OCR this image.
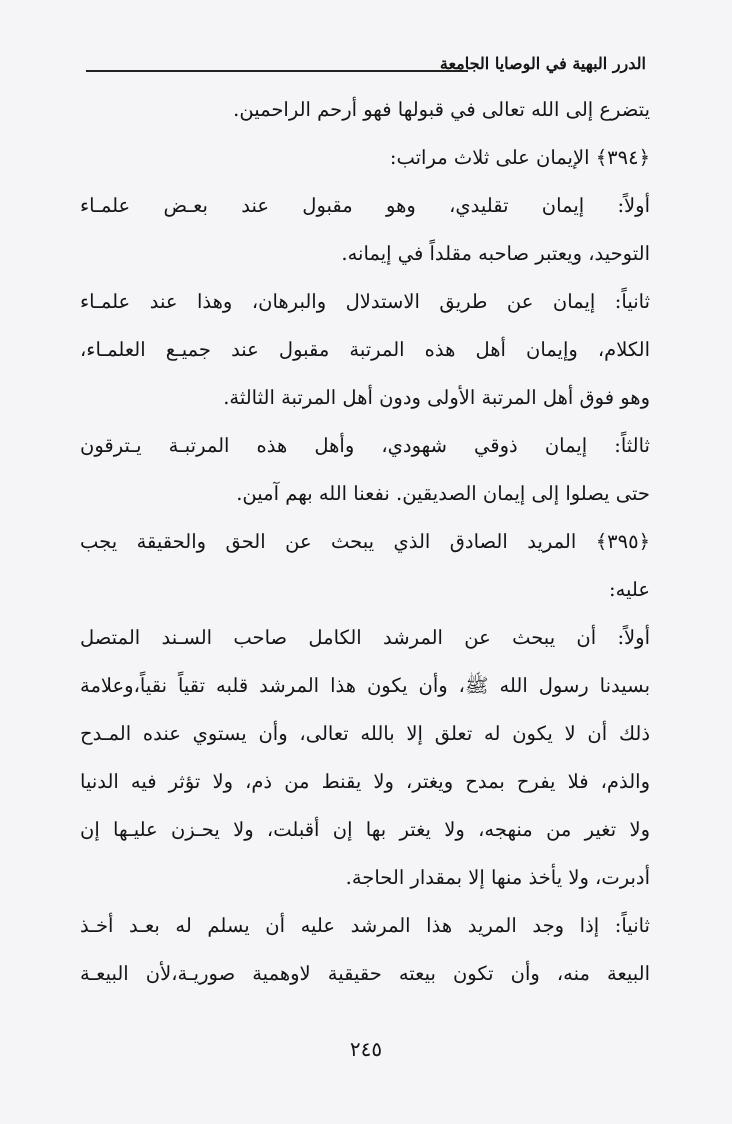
الدرر البهية في الوصايا الجامعة
يتضرع إلى الله تعالى في قبولها فهو أرحم الراحمين.
﴿٣٩٤﴾ الإيمان على ثلاث مراتب:
أولاً: إيمان تقليدي، وهو مقبول عند بعـض علمـاء
التوحيد، ويعتبر صاحبه مقلداً في إيمانه.
ثانياً: إيمان عن طريق الاستدلال والبرهان، وهذا عند علمـاء
الكلام، وإيمان أهل هذه المرتبة مقبول عند جميـع العلمـاء،
وهو فوق أهل المرتبة الأولى ودون أهل المرتبة الثالثة.
ثالثاً: إيمان ذوقي شهودي، وأهل هذه المرتبـة يـترقون
حتى يصلوا إلى إيمان الصديقين. نفعنا الله بهم آمين.
﴿٣٩٥﴾ المريد الصادق الذي يبحث عن الحق والحقيقة يجب
عليه:
أولاً: أن يبحث عن المرشد الكامل صاحب السـند المتصل
بسيدنا رسول الله ﷺ، وأن يكون هذا المرشد قلبه تقياً نقياً،وعلامة
ذلك أن لا يكون له تعلق إلا بالله تعالى، وأن يستوي عنده المـدح
والذم، فلا يفرح بمدح ويغتر، ولا يقنط من ذم، ولا تؤثر فيه الدنيا
ولا تغير من منهجه، ولا يغتر بها إن أقبلت، ولا يحـزن عليـها إن
أدبرت، ولا يأخذ منها إلا بمقدار الحاجة.
ثانياً: إذا وجد المريد هذا المرشد عليه أن يسلم له بعـد أخـذ
البيعة منه، وأن تكون بيعته حقيقية لاوهمية صوريـة،لأن البيعـة
٢٤٥
